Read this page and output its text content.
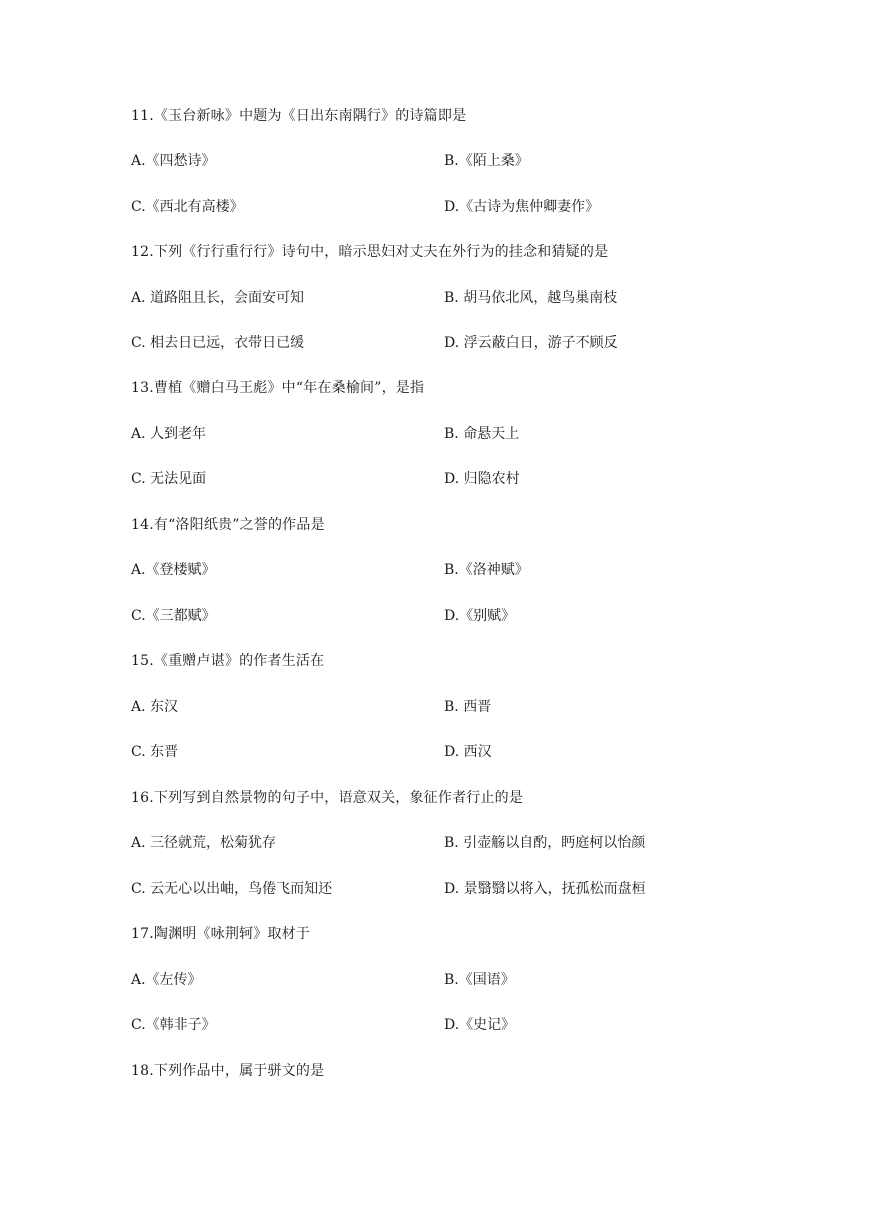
11.《玉台新咏》中题为《日出东南隅行》的诗篇即是
A.《四愁诗》	B.《陌上桑》
C.《西北有高楼》	D.《古诗为焦仲卿妻作》
12.下列《行行重行行》诗句中，暗示思妇对丈夫在外行为的挂念和猜疑的是
A. 道路阻且长，会面安可知	B. 胡马依北风，越鸟巢南枝
C. 相去日已远，衣带日已缓	D. 浮云蔽白日，游子不顾反
13.曹植《赠白马王彪》中“年在桑榆间”，是指
A. 人到老年	B. 命悬天上
C. 无法见面	D. 归隐农村
14.有“洛阳纸贵”之誉的作品是
A.《登楼赋》	B.《洛神赋》
C.《三都赋》	D.《别赋》
15.《重赠卢谌》的作者生活在
A. 东汉	B. 西晋
C. 东晋	D. 西汉
16.下列写到自然景物的句子中，语意双关，象征作者行止的是
A. 三径就荒，松菊犹存	B. 引壶觞以自酌，眄庭柯以怡颜
C. 云无心以出岫，鸟倦飞而知还	D. 景翳翳以将入，抚孤松而盘桓
17.陶渊明《咏荆轲》取材于
A.《左传》	B.《国语》
C.《韩非子》	D.《史记》
18.下列作品中，属于骈文的是
